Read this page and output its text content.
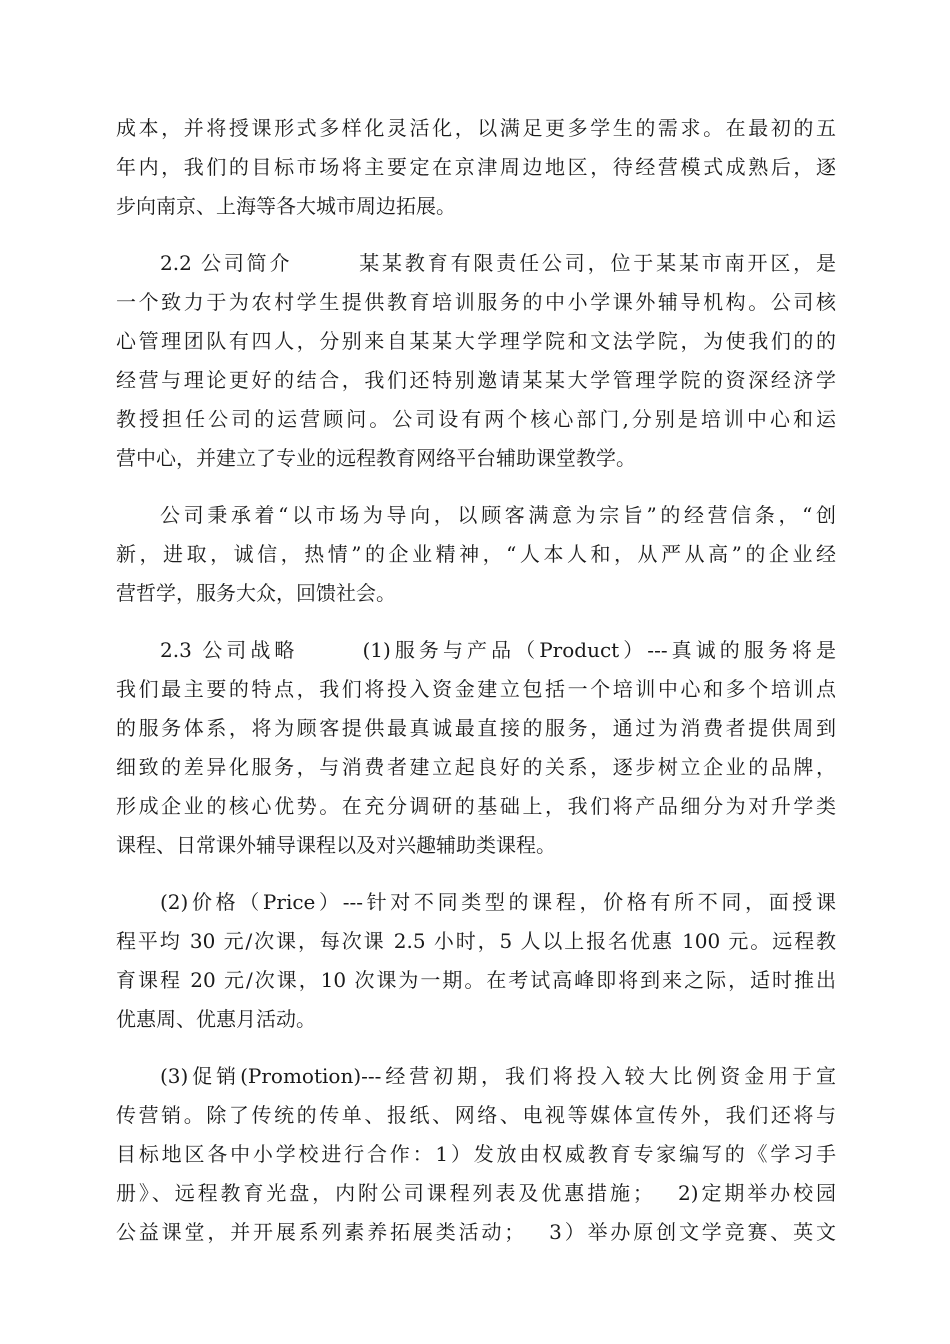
成本，并将授课形式多样化灵活化，以满足更多学生的需求。在最初的五
年内，我们的目标市场将主要定在京津周边地区，待经营模式成熟后，逐
步向南京、上海等各大城市周边拓展。
2.2 公司简介	某某教育有限责任公司，位于某某市南开区，是
一个致力于为农村学生提供教育培训服务的中小学课外辅导机构。公司核
心管理团队有四人，分别来自某某大学理学院和文法学院，为使我们的的
经营与理论更好的结合，我们还特别邀请某某大学管理学院的资深经济学
教授担任公司的运营顾问。公司设有两个核心部门,分别是培训中心和运
营中心，并建立了专业的远程教育网络平台辅助课堂教学。
公司秉承着“以市场为导向，以顾客满意为宗旨”的经营信条，“创
新，进取，诚信，热情”的企业精神，“人本人和，从严从高”的企业经
营哲学，服务大众，回馈社会。
2.3 公司战略	(1)服务与产品（Product）---真诚的服务将是
我们最主要的特点，我们将投入资金建立包括一个培训中心和多个培训点
的服务体系，将为顾客提供最真诚最直接的服务，通过为消费者提供周到
细致的差异化服务，与消费者建立起良好的关系，逐步树立企业的品牌，
形成企业的核心优势。在充分调研的基础上，我们将产品细分为对升学类
课程、日常课外辅导课程以及对兴趣辅助类课程。
(2)价格（Price）---针对不同类型的课程，价格有所不同，面授课
程平均 30 元/次课，每次课 2.5 小时，5 人以上报名优惠 100 元。远程教
育课程 20 元/次课，10 次课为一期。在考试高峰即将到来之际，适时推出
优惠周、优惠月活动。
(3)促销(Promotion)---经营初期，我们将投入较大比例资金用于宣
传营销。除了传统的传单、报纸、网络、电视等媒体宣传外，我们还将与
目标地区各中小学校进行合作：1）发放由权威教育专家编写的《学习手
册》、远程教育光盘，内附公司课程列表及优惠措施；　 2)定期举办校园
公益课堂，并开展系列素养拓展类活动；　 3）举办原创文学竞赛、英文
